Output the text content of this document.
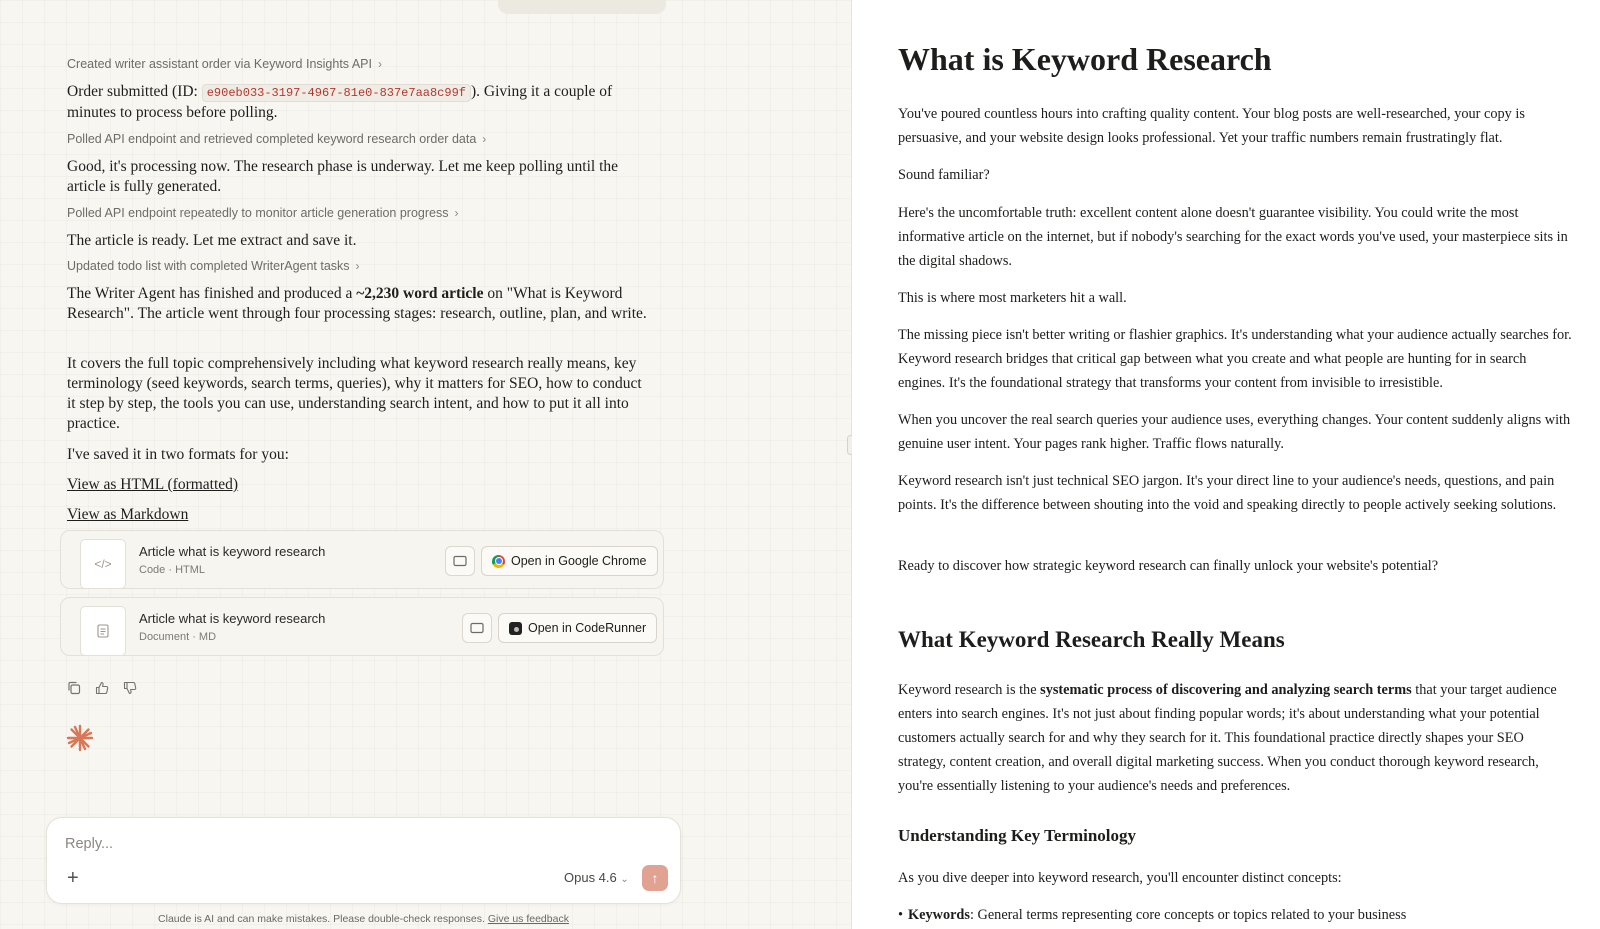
Created writer assistant order via Keyword Insights API ›
Order submitted (ID: e90eb033-3197-4967-81e0-837e7aa8c99f ). Giving it a couple of minutes to process before polling.
Polled API endpoint and retrieved completed keyword research order data ›
Good, it's processing now. The research phase is underway. Let me keep polling until the article is fully generated.
Polled API endpoint repeatedly to monitor article generation progress ›
The article is ready. Let me extract and save it.
Updated todo list with completed WriterAgent tasks ›
The Writer Agent has finished and produced a ~2,230 word article on "What is Keyword Research". The article went through four processing stages: research, outline, plan, and write.
It covers the full topic comprehensively including what keyword research really means, key terminology (seed keywords, search terms, queries), why it matters for SEO, how to conduct it step by step, the tools you can use, understanding search intent, and how to put it all into practice.
I've saved it in two formats for you:
View as HTML (formatted)
View as Markdown
</>
Article what is keyword research
Code · HTML
Open in Google Chrome
Article what is keyword research
Document · MD
Open in CodeRunner
Reply...
+	Opus 4.6 ⌄ ↑
Claude is AI and can make mistakes. Please double-check responses. Give us feedback
What is Keyword Research

You've poured countless hours into crafting quality content. Your blog posts are well-researched, your copy is persuasive, and your website design looks professional. Yet your traffic numbers remain frustratingly flat.

Sound familiar?

Here's the uncomfortable truth: excellent content alone doesn't guarantee visibility. You could write the most informative article on the internet, but if nobody's searching for the exact words you've used, your masterpiece sits in the digital shadows.

This is where most marketers hit a wall.

The missing piece isn't better writing or flashier graphics. It's understanding what your audience actually searches for. Keyword research bridges that critical gap between what you create and what people are hunting for in search engines. It's the foundational strategy that transforms your content from invisible to irresistible.

When you uncover the real search queries your audience uses, everything changes. Your content suddenly aligns with genuine user intent. Your pages rank higher. Traffic flows naturally.

Keyword research isn't just technical SEO jargon. It's your direct line to your audience's needs, questions, and pain points. It's the difference between shouting into the void and speaking directly to people actively seeking solutions.

Ready to discover how strategic keyword research can finally unlock your website's potential?

What Keyword Research Really Means

Keyword research is the systematic process of discovering and analyzing search terms that your target audience enters into search engines. It's not just about finding popular words; it's about understanding what your potential customers actually search for and why they search for it. This foundational practice directly shapes your SEO strategy, content creation, and overall digital marketing success. When you conduct thorough keyword research, you're essentially listening to your audience's needs and preferences.

Understanding Key Terminology

As you dive deeper into keyword research, you'll encounter distinct concepts:

• Keywords: General terms representing core concepts or topics related to your business
